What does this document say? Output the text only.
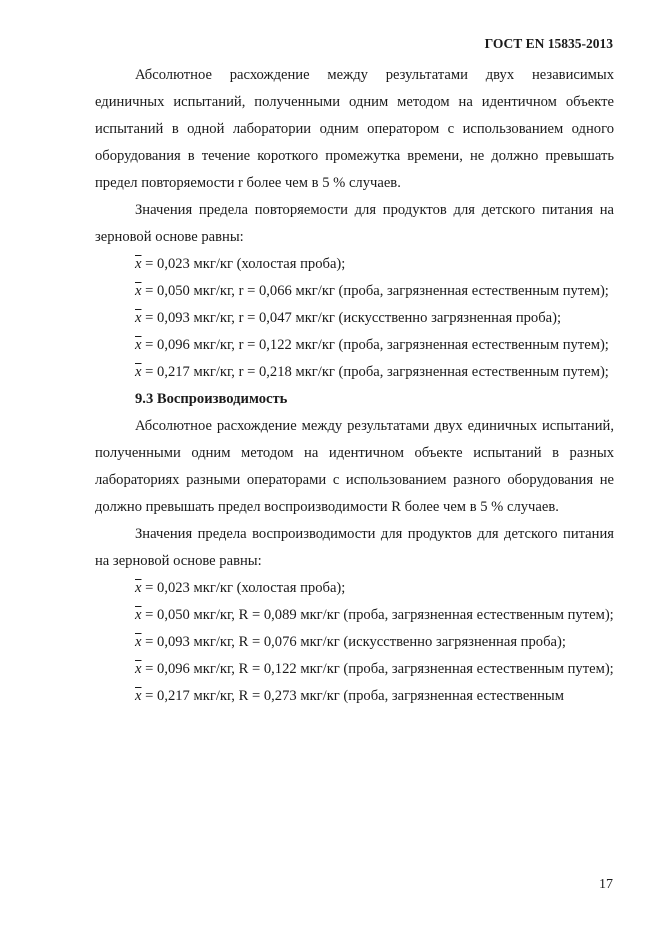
ГОСТ EN 15835-2013

Абсолютное расхождение между результатами двух независимых единичных испытаний, полученными одним методом на идентичном объекте испытаний в одной лаборатории одним оператором с использованием одного оборудования в течение короткого промежутка времени, не должно превышать предел повторяемости r более чем в 5 % случаев.

Значения предела повторяемости для продуктов для детского питания на зерновой основе равны:

$\overline{x} = 0,023$ мкг/кг (холостая проба);

$\overline{x} = 0,050$ мкг/кг, r = 0,066 мкг/кг (проба, загрязненная естественным путем);

$\overline{x} = 0,093$ мкг/кг, r = 0,047 мкг/кг (искусственно загрязненная проба);

$\overline{x} = 0,096$ мкг/кг, r = 0,122 мкг/кг (проба, загрязненная естественным путем);

$\overline{x} = 0,217$ мкг/кг, r = 0,218 мкг/кг (проба, загрязненная естественным путем);

9.3 Воспроизводимость

Абсолютное расхождение между результатами двух единичных испытаний, полученными одним методом на идентичном объекте испытаний в разных лабораториях разными операторами с использованием разного оборудования не должно превышать предел воспроизводимости R более чем в 5 % случаев.

Значения предела воспроизводимости для продуктов для детского питания на зерновой основе равны:

$\overline{x} = 0,023$ мкг/кг (холостая проба);

$\overline{x} = 0,050$ мкг/кг, R = 0,089 мкг/кг (проба, загрязненная естественным путем);

$\overline{x} = 0,093$ мкг/кг, R = 0,076 мкг/кг (искусственно загрязненная проба);

$\overline{x} = 0,096$ мкг/кг, R = 0,122 мкг/кг (проба, загрязненная естественным путем);

$\overline{x} = 0,217$ мкг/кг, R = 0,273 мкг/кг (проба, загрязненная естественным

17
